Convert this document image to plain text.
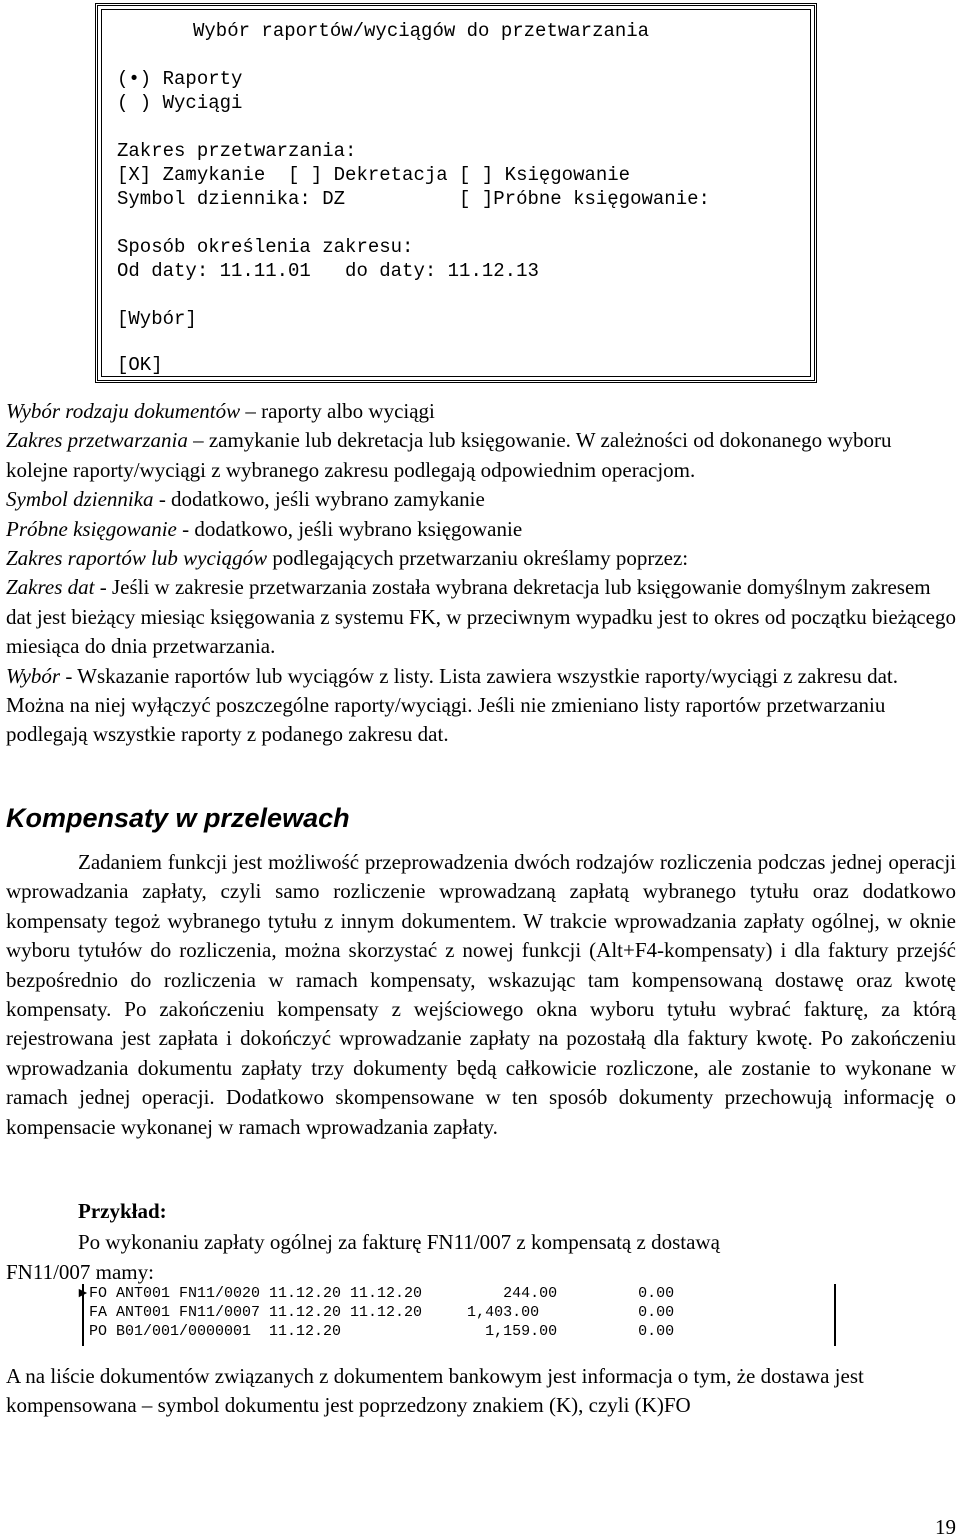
Wybór raportów/wyciągów do przetwarzania
(•) Raporty
( ) Wyciągi
Zakres przetwarzania:
[X] Zamykanie  [ ] Dekretacja [ ] Księgowanie
Symbol dziennika: DZ          [ ]Próbne księgowanie:
Sposób określenia zakresu:
Od daty: 11.11.01   do daty: 11.12.13
[Wybór]
[OK]

Wybór rodzaju dokumentów – raporty albo wyciągi

Zakres przetwarzania – zamykanie lub dekretacja lub księgowanie. W zależności od dokonanego wyboru kolejne raporty/wyciągi z wybranego zakresu podlegają odpowiednim operacjom.

Symbol dziennika - dodatkowo, jeśli wybrano zamykanie

Próbne księgowanie - dodatkowo, jeśli wybrano księgowanie

Zakres raportów lub wyciągów podlegających przetwarzaniu określamy poprzez:

Zakres dat - Jeśli w zakresie przetwarzania została wybrana dekretacja lub księgowanie domyślnym zakresem dat jest bieżący miesiąc księgowania z systemu FK, w przeciwnym wypadku jest to okres od początku bieżącego miesiąca do dnia przetwarzania.

Wybór - Wskazanie raportów lub wyciągów z listy. Lista zawiera wszystkie raporty/wyciągi z zakresu dat. Można na niej wyłączyć poszczególne raporty/wyciągi. Jeśli nie zmieniano listy raportów przetwarzaniu podlegają wszystkie raporty z podanego zakresu dat.

Kompensaty w przelewach

Zadaniem funkcji jest możliwość przeprowadzenia dwóch rodzajów rozliczenia podczas jednej operacji wprowadzania zapłaty, czyli samo rozliczenie wprowadzaną zapłatą wybranego tytułu oraz dodatkowo kompensaty tegoż wybranego tytułu z innym dokumentem. W trakcie wprowadzania zapłaty ogólnej, w oknie wyboru tytułów do rozliczenia, można skorzystać z nowej funkcji (Alt+F4-kompensaty) i dla faktury przejść bezpośrednio do rozliczenia w ramach kompensaty, wskazując tam kompensowaną dostawę oraz kwotę kompensaty. Po zakończeniu kompensaty z wejściowego okna wyboru tytułu wybrać fakturę, za którą rejestrowana jest zapłata i dokończyć wprowadzanie zapłaty na pozostałą dla faktury kwotę. Po zakończeniu wprowadzania dokumentu zapłaty trzy dokumenty będą całkowicie rozliczone, ale zostanie to wykonane w ramach jednej operacji. Dodatkowo skompensowane w ten sposób dokumenty przechowują informację o kompensacie wykonanej w ramach wprowadzania zapłaty.

Przykład:
Po wykonaniu zapłaty ogólnej za fakturę FN11/007 z kompensatą z dostawą
FN11/007 mamy:
► FO ANT001 FN11/0020 11.12.20 11.12.20         244.00         0.00
FA ANT001 FN11/0007 11.12.20 11.12.20     1,403.00           0.00
PO B01/001/0000001  11.12.20                1,159.00         0.00

A na liście dokumentów związanych z dokumentem bankowym jest informacja o tym, że dostawa jest kompensowana – symbol dokumentu jest poprzedzony znakiem (K), czyli (K)FO

19
